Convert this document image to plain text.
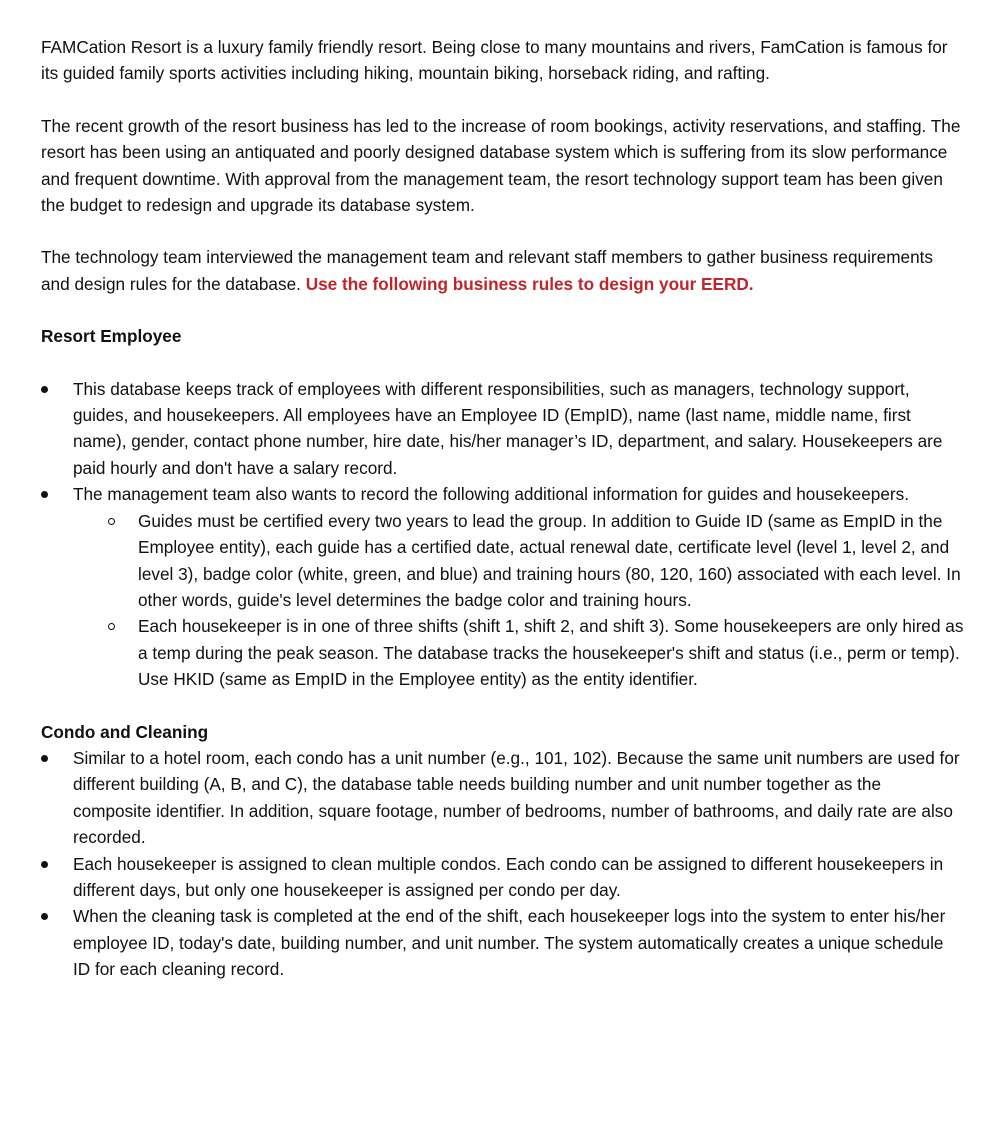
FAMCation Resort is a luxury family friendly resort. Being close to many mountains and rivers, FamCation is famous for its guided family sports activities including hiking, mountain biking, horseback riding, and rafting.

The recent growth of the resort business has led to the increase of room bookings, activity reservations, and staffing. The resort has been using an antiquated and poorly designed database system which is suffering from its slow performance and frequent downtime. With approval from the management team, the resort technology support team has been given the budget to redesign and upgrade its database system.

The technology team interviewed the management team and relevant staff members to gather business requirements and design rules for the database. Use the following business rules to design your EERD.

Resort Employee

This database keeps track of employees with different responsibilities, such as managers, technology support, guides, and housekeepers. All employees have an Employee ID (EmpID), name (last name, middle name, first name), gender, contact phone number, hire date, his/her manager’s ID, department, and salary. Housekeepers are paid hourly and don't have a salary record.
The management team also wants to record the following additional information for guides and housekeepers.
Guides must be certified every two years to lead the group. In addition to Guide ID (same as EmpID in the Employee entity), each guide has a certified date, actual renewal date, certificate level (level 1, level 2, and level 3), badge color (white, green, and blue) and training hours (80, 120, 160) associated with each level. In other words, guide's level determines the badge color and training hours.
Each housekeeper is in one of three shifts (shift 1, shift 2, and shift 3). Some housekeepers are only hired as a temp during the peak season. The database tracks the housekeeper's shift and status (i.e., perm or temp). Use HKID (same as EmpID in the Employee entity) as the entity identifier.

Condo and Cleaning

Similar to a hotel room, each condo has a unit number (e.g., 101, 102). Because the same unit numbers are used for different building (A, B, and C), the database table needs building number and unit number together as the composite identifier. In addition, square footage, number of bedrooms, number of bathrooms, and daily rate are also recorded.
Each housekeeper is assigned to clean multiple condos. Each condo can be assigned to different housekeepers in different days, but only one housekeeper is assigned per condo per day.
When the cleaning task is completed at the end of the shift, each housekeeper logs into the system to enter his/her employee ID, today's date, building number, and unit number. The system automatically creates a unique schedule ID for each cleaning record.
